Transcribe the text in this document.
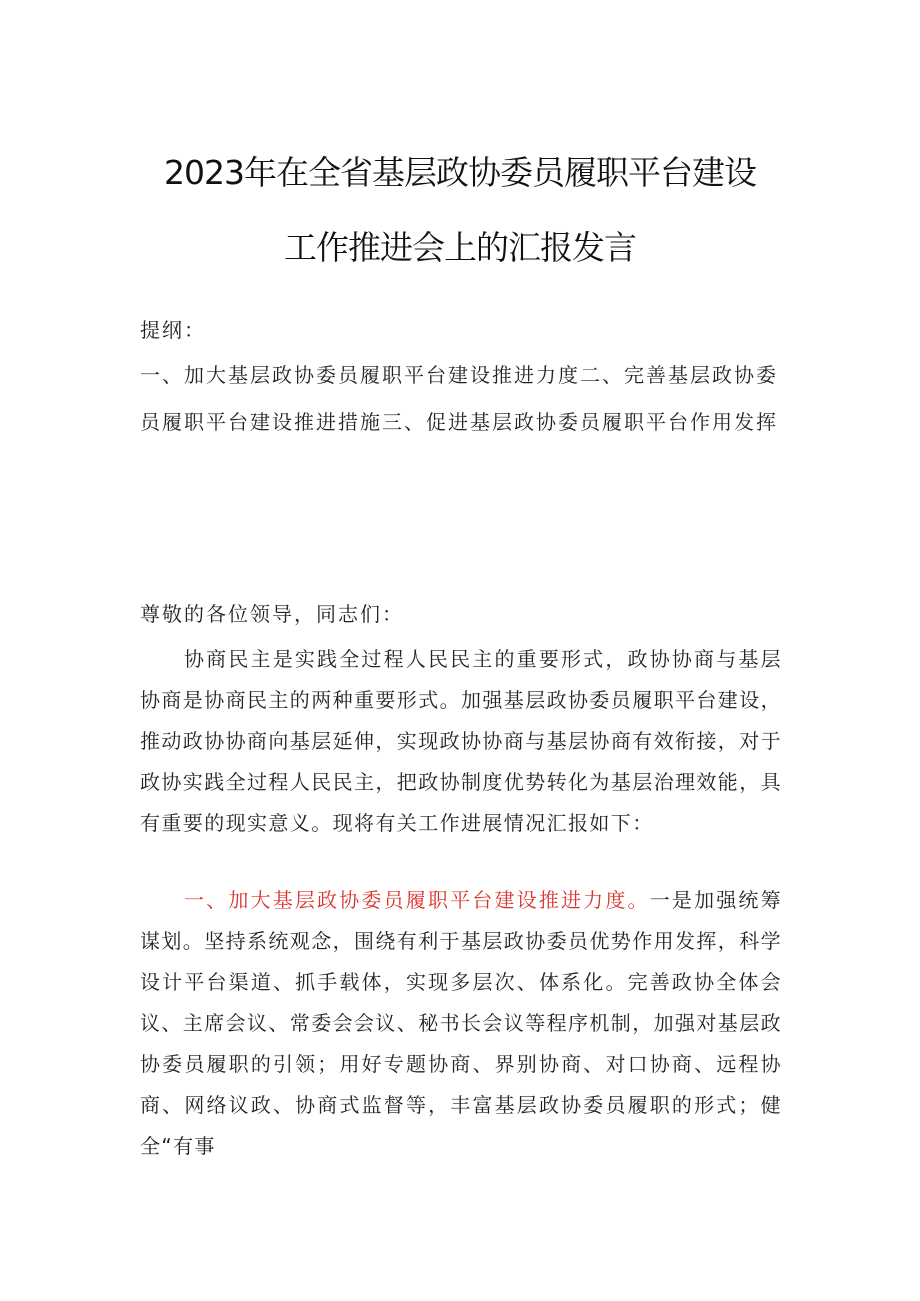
2023年在全省基层政协委员履职平台建设
工作推进会上的汇报发言
提纲：
一、加大基层政协委员履职平台建设推进力度二、完善基层政协委
员履职平台建设推进措施三、促进基层政协委员履职平台作用发挥
尊敬的各位领导，同志们：
协商民主是实践全过程人民民主的重要形式，政协协商与基层协商是协商民主的两种重要形式。加强基层政协委员履职平台建设，推动政协协商向基层延伸，实现政协协商与基层协商有效衔接，对于政协实践全过程人民民主，把政协制度优势转化为基层治理效能，具有重要的现实意义。现将有关工作进展情况汇报如下：
一、加大基层政协委员履职平台建设推进力度。一是加强统筹谋划。坚持系统观念，围绕有利于基层政协委员优势作用发挥，科学设计平台渠道、抓手载体，实现多层次、体系化。完善政协全体会议、主席会议、常委会会议、秘书长会议等程序机制，加强对基层政协委员履职的引领；用好专题协商、界别协商、对口协商、远程协商、网络议政、协商式监督等，丰富基层政协委员履职的形式；健全“有事
